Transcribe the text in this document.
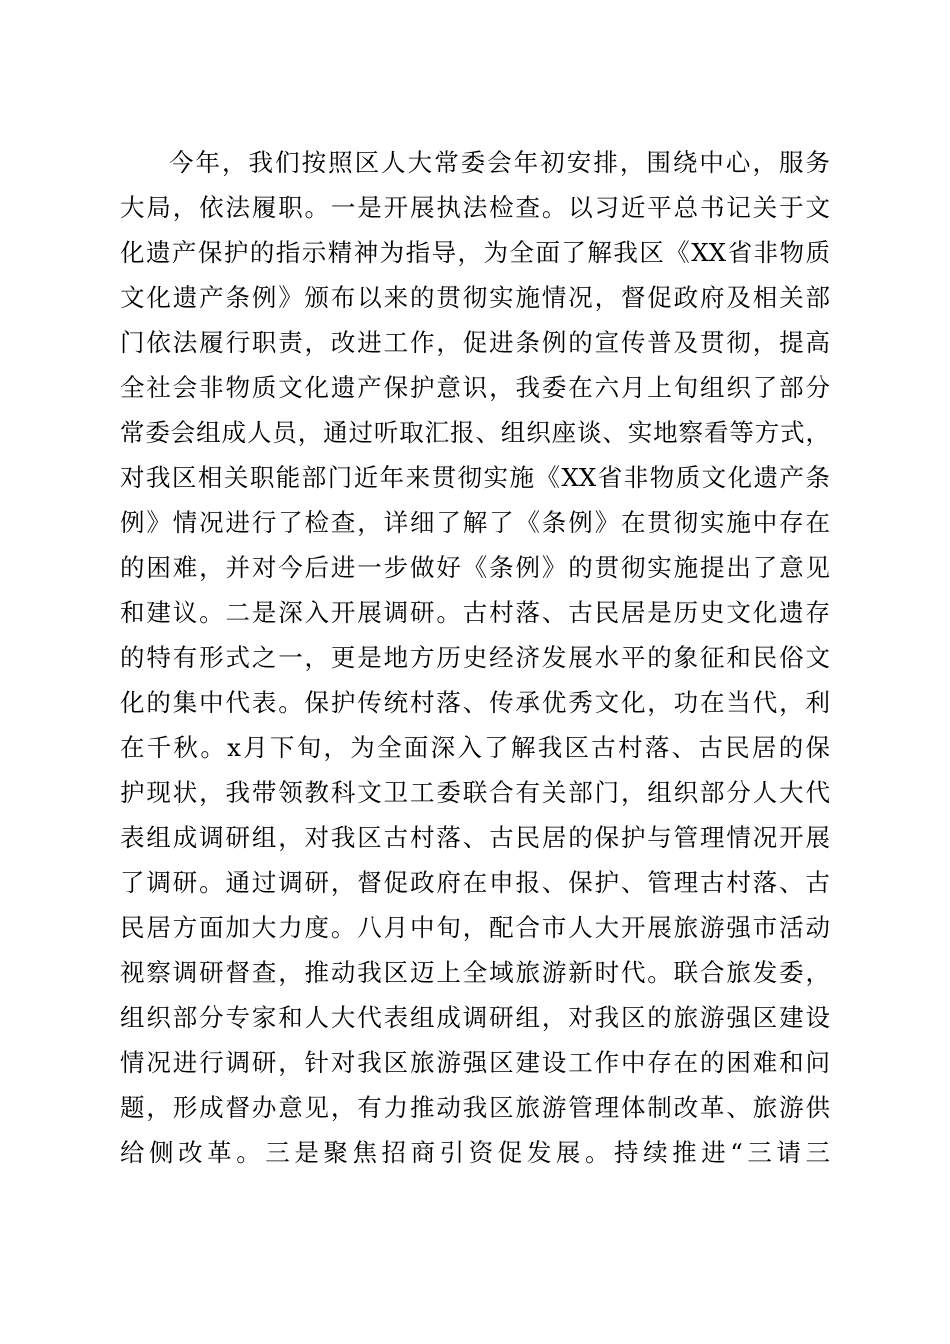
今年，我们按照区人大常委会年初安排，围绕中心，服务
大局，依法履职。一是开展执法检查。以习近平总书记关于文
化遗产保护的指示精神为指导，为全面了解我区《XX省非物质
文化遗产条例》颁布以来的贯彻实施情况，督促政府及相关部
门依法履行职责，改进工作，促进条例的宣传普及贯彻，提高
全社会非物质文化遗产保护意识，我委在六月上旬组织了部分
常委会组成人员，通过听取汇报、组织座谈、实地察看等方式，
对我区相关职能部门近年来贯彻实施《XX省非物质文化遗产条
例》情况进行了检查，详细了解了《条例》在贯彻实施中存在
的困难，并对今后进一步做好《条例》的贯彻实施提出了意见
和建议。二是深入开展调研。古村落、古民居是历史文化遗存
的特有形式之一，更是地方历史经济发展水平的象征和民俗文
化的集中代表。保护传统村落、传承优秀文化，功在当代，利
在千秋。x月下旬，为全面深入了解我区古村落、古民居的保
护现状，我带领教科文卫工委联合有关部门，组织部分人大代
表组成调研组，对我区古村落、古民居的保护与管理情况开展
了调研。通过调研，督促政府在申报、保护、管理古村落、古
民居方面加大力度。八月中旬，配合市人大开展旅游强市活动
视察调研督查，推动我区迈上全域旅游新时代。联合旅发委，
组织部分专家和人大代表组成调研组，对我区的旅游强区建设
情况进行调研，针对我区旅游强区建设工作中存在的困难和问
题，形成督办意见，有力推动我区旅游管理体制改革、旅游供
给侧改革。三是聚焦招商引资促发展。持续推进“三请三
